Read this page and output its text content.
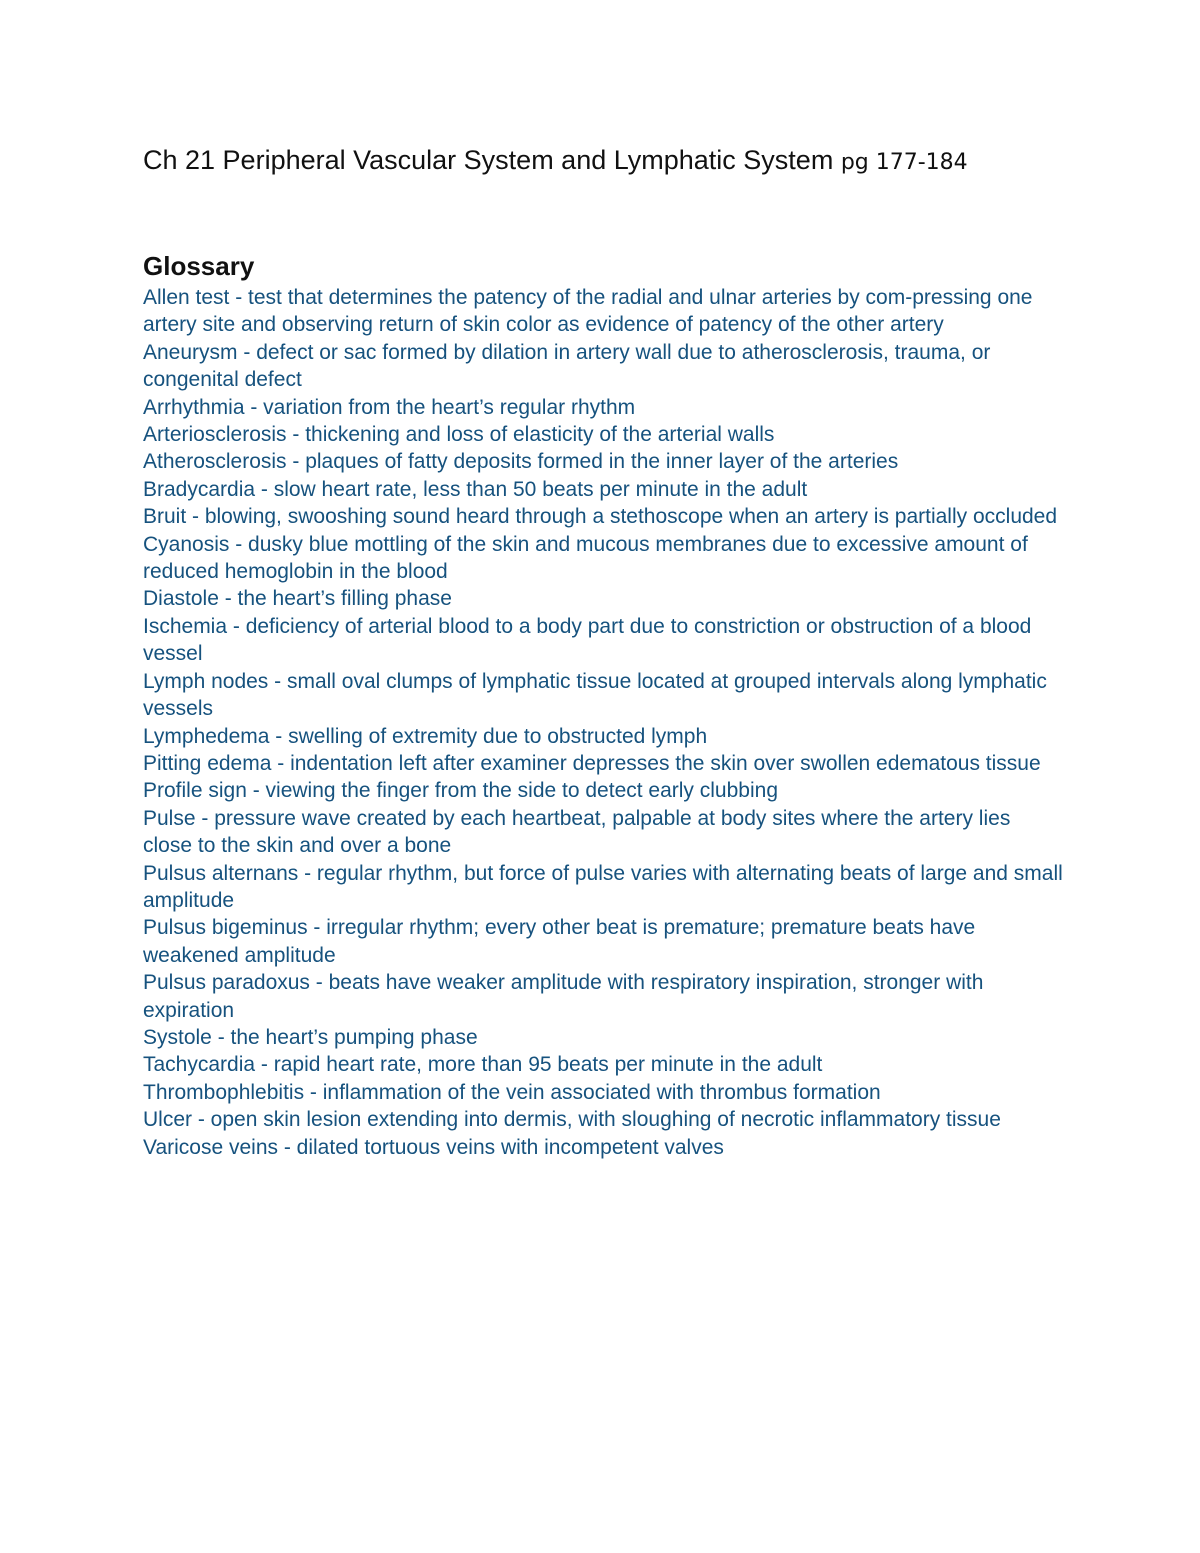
Ch 21 Peripheral Vascular System and Lymphatic System pg 177-184
Glossary
Allen test - test that determines the patency of the radial and ulnar arteries by com-pressing one artery site and observing return of skin color as evidence of patency of the other artery
Aneurysm - defect or sac formed by dilation in artery wall due to atherosclerosis, trauma, or congenital defect
Arrhythmia - variation from the heart’s regular rhythm
Arteriosclerosis - thickening and loss of elasticity of the arterial walls
Atherosclerosis - plaques of fatty deposits formed in the inner layer of the arteries
Bradycardia - slow heart rate, less than 50 beats per minute in the adult
Bruit - blowing, swooshing sound heard through a stethoscope when an artery is partially occluded
Cyanosis - dusky blue mottling of the skin and mucous membranes due to excessive amount of reduced hemoglobin in the blood
Diastole - the heart’s filling phase
Ischemia - deficiency of arterial blood to a body part due to constriction or obstruction of a blood vessel
Lymph nodes - small oval clumps of lymphatic tissue located at grouped intervals along lymphatic vessels
Lymphedema - swelling of extremity due to obstructed lymph
Pitting edema - indentation left after examiner depresses the skin over swollen edematous tissue
Profile sign - viewing the finger from the side to detect early clubbing
Pulse - pressure wave created by each heartbeat, palpable at body sites where the artery lies close to the skin and over a bone
Pulsus alternans - regular rhythm, but force of pulse varies with alternating beats of large and small amplitude
Pulsus bigeminus - irregular rhythm; every other beat is premature; premature beats have weakened amplitude
Pulsus paradoxus - beats have weaker amplitude with respiratory inspiration, stronger with expiration
Systole - the heart’s pumping phase
Tachycardia - rapid heart rate, more than 95 beats per minute in the adult
Thrombophlebitis - inflammation of the vein associated with thrombus formation
Ulcer - open skin lesion extending into dermis, with sloughing of necrotic inflammatory tissue
Varicose veins - dilated tortuous veins with incompetent valves
